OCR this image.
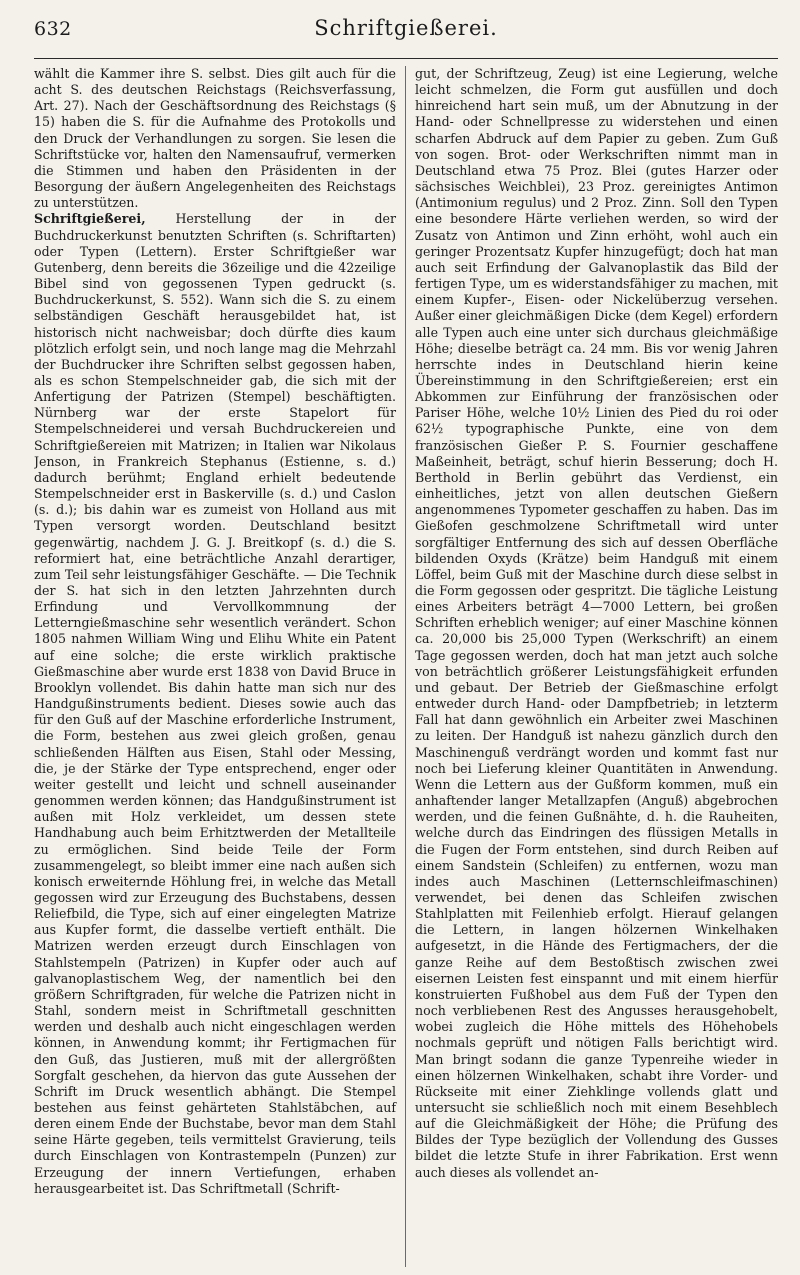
632	Schriftgießerei.

wählt die Kammer ihre S. selbst. Dies gilt auch für die acht S. des deutschen Reichstags (Reichsverfassung, Art. 27). Nach der Geschäftsordnung des Reichstags (§ 15) haben die S. für die Aufnahme des Protokolls und den Druck der Verhandlungen zu sorgen. Sie lesen die Schriftstücke vor, halten den Namensaufruf, vermerken die Stimmen und haben den Präsidenten in der Besorgung der äußern Angelegenheiten des Reichstags zu unterstützen.

Schriftgießerei, Herstellung der in der Buchdruckerkunst benutzten Schriften (s. Schriftarten) oder Typen (Lettern). Erster Schriftgießer war Gutenberg, denn bereits die 36zeilige und die 42zeilige Bibel sind von gegossenen Typen gedruckt (s. Buchdruckerkunst, S. 552). Wann sich die S. zu einem selbständigen Geschäft herausgebildet hat, ist historisch nicht nachweisbar; doch dürfte dies kaum plötzlich erfolgt sein, und noch lange mag die Mehrzahl der Buchdrucker ihre Schriften selbst gegossen haben, als es schon Stempelschneider gab, die sich mit der Anfertigung der Patrizen (Stempel) beschäftigten. Nürnberg war der erste Stapelort für Stempelschneiderei und versah Buchdruckereien und Schriftgießereien mit Matrizen; in Italien war Nikolaus Jenson, in Frankreich Stephanus (Estienne, s. d.) dadurch berühmt; England erhielt bedeutende Stempelschneider erst in Baskerville (s. d.) und Caslon (s. d.); bis dahin war es zumeist von Holland aus mit Typen versorgt worden. Deutschland besitzt gegenwärtig, nachdem J. G. J. Breitkopf (s. d.) die S. reformiert hat, eine beträchtliche Anzahl derartiger, zum Teil sehr leistungsfähiger Geschäfte. — Die Technik der S. hat sich in den letzten Jahrzehnten durch Erfindung und Vervollkommnung der Letterngießmaschine sehr wesentlich verändert. Schon 1805 nahmen William Wing und Elihu White ein Patent auf eine solche; die erste wirklich praktische Gießmaschine aber wurde erst 1838 von David Bruce in Brooklyn vollendet. Bis dahin hatte man sich nur des Handgußinstruments bedient. Dieses sowie auch das für den Guß auf der Maschine erforderliche Instrument, die Form, bestehen aus zwei gleich großen, genau schließenden Hälften aus Eisen, Stahl oder Messing, die, je der Stärke der Type entsprechend, enger oder weiter gestellt und leicht und schnell auseinander genommen werden können; das Handgußinstrument ist außen mit Holz verkleidet, um dessen stete Handhabung auch beim Erhitztwerden der Metallteile zu ermöglichen. Sind beide Teile der Form zusammengelegt, so bleibt immer eine nach außen sich konisch erweiternde Höhlung frei, in welche das Metall gegossen wird zur Erzeugung des Buchstabens, dessen Reliefbild, die Type, sich auf einer eingelegten Matrize aus Kupfer formt, die dasselbe vertieft enthält. Die Matrizen werden erzeugt durch Einschlagen von Stahlstempeln (Patrizen) in Kupfer oder auch auf galvanoplastischem Weg, der namentlich bei den größern Schriftgraden, für welche die Patrizen nicht in Stahl, sondern meist in Schriftmetall geschnitten werden und deshalb auch nicht eingeschlagen werden können, in Anwendung kommt; ihr Fertigmachen für den Guß, das Justieren, muß mit der allergrößten Sorgfalt geschehen, da hiervon das gute Aussehen der Schrift im Druck wesentlich abhängt. Die Stempel bestehen aus feinst gehärteten Stahlstäbchen, auf deren einem Ende der Buchstabe, bevor man dem Stahl seine Härte gegeben, teils vermittelst Gravierung, teils durch Einschlagen von Kontrastempeln (Punzen) zur Erzeugung der innern Vertiefungen, erhaben herausgearbeitet ist. Das Schriftmetall (Schrift-

gut, der Schriftzeug, Zeug) ist eine Legierung, welche leicht schmelzen, die Form gut ausfüllen und doch hinreichend hart sein muß, um der Abnutzung in der Hand- oder Schnellpresse zu widerstehen und einen scharfen Abdruck auf dem Papier zu geben. Zum Guß von sogen. Brot- oder Werkschriften nimmt man in Deutschland etwa 75 Proz. Blei (gutes Harzer oder sächsisches Weichblei), 23 Proz. gereinigtes Antimon (Antimonium regulus) und 2 Proz. Zinn. Soll den Typen eine besondere Härte verliehen werden, so wird der Zusatz von Antimon und Zinn erhöht, wohl auch ein geringer Prozentsatz Kupfer hinzugefügt; doch hat man auch seit Erfindung der Galvanoplastik das Bild der fertigen Type, um es widerstandsfähiger zu machen, mit einem Kupfer-, Eisen- oder Nickelüberzug versehen. Außer einer gleichmäßigen Dicke (dem Kegel) erfordern alle Typen auch eine unter sich durchaus gleichmäßige Höhe; dieselbe beträgt ca. 24 mm. Bis vor wenig Jahren herrschte indes in Deutschland hierin keine Übereinstimmung in den Schriftgießereien; erst ein Abkommen zur Einführung der französischen oder Pariser Höhe, welche 10½ Linien des Pied du roi oder 62½ typographische Punkte, eine von dem französischen Gießer P. S. Fournier geschaffene Maßeinheit, beträgt, schuf hierin Besserung; doch H. Berthold in Berlin gebührt das Verdienst, ein einheitliches, jetzt von allen deutschen Gießern angenommenes Typometer geschaffen zu haben. Das im Gießofen geschmolzene Schriftmetall wird unter sorgfältiger Entfernung des sich auf dessen Oberfläche bildenden Oxyds (Krätze) beim Handguß mit einem Löffel, beim Guß mit der Maschine durch diese selbst in die Form gegossen oder gespritzt. Die tägliche Leistung eines Arbeiters beträgt 4—7000 Lettern, bei großen Schriften erheblich weniger; auf einer Maschine können ca. 20,000 bis 25,000 Typen (Werkschrift) an einem Tage gegossen werden, doch hat man jetzt auch solche von beträchtlich größerer Leistungsfähigkeit erfunden und gebaut. Der Betrieb der Gießmaschine erfolgt entweder durch Hand- oder Dampfbetrieb; in letzterm Fall hat dann gewöhnlich ein Arbeiter zwei Maschinen zu leiten. Der Handguß ist nahezu gänzlich durch den Maschinenguß verdrängt worden und kommt fast nur noch bei Lieferung kleiner Quantitäten in Anwendung. Wenn die Lettern aus der Gußform kommen, muß ein anhaftender langer Metallzapfen (Anguß) abgebrochen werden, und die feinen Gußnähte, d. h. die Rauheiten, welche durch das Eindringen des flüssigen Metalls in die Fugen der Form entstehen, sind durch Reiben auf einem Sandstein (Schleifen) zu entfernen, wozu man indes auch Maschinen (Letternschleifmaschinen) verwendet, bei denen das Schleifen zwischen Stahlplatten mit Feilenhieb erfolgt. Hierauf gelangen die Lettern, in langen hölzernen Winkelhaken aufgesetzt, in die Hände des Fertigmachers, der die ganze Reihe auf dem Bestoßtisch zwischen zwei eisernen Leisten fest einspannt und mit einem hierfür konstruierten Fußhobel aus dem Fuß der Typen den noch verbliebenen Rest des Angusses herausgehobelt, wobei zugleich die Höhe mittels des Höhehobels nochmals geprüft und nötigen Falls berichtigt wird. Man bringt sodann die ganze Typenreihe wieder in einen hölzernen Winkelhaken, schabt ihre Vorder- und Rückseite mit einer Ziehklinge vollends glatt und untersucht sie schließlich noch mit einem Besehblech auf die Gleichmäßigkeit der Höhe; die Prüfung des Bildes der Type bezüglich der Vollendung des Gusses bildet die letzte Stufe in ihrer Fabrikation. Erst wenn auch dieses als vollendet an-
